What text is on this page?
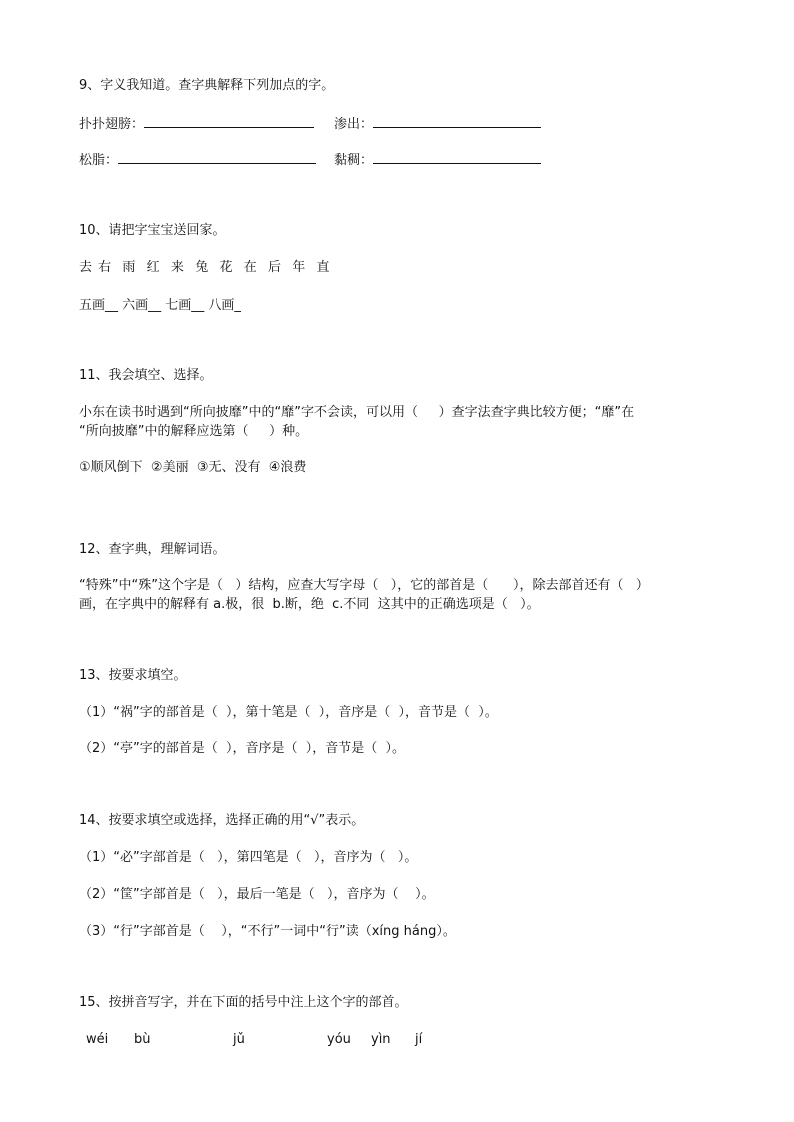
9、字义我知道。查字典解释下列加点的字。
扑扑翅膀：	渗出：
松脂：	黏稠：
10、请把字宝宝送回家。
去 右  雨  红  来  兔  花  在  后  年  直
五画__ 六画__ 七画__ 八画_
11、我会填空、选择。
小东在读书时遇到“所向披靡”中的“靡”字不会读，可以用（     ）查字法查字典比较方便；“靡”在
“所向披靡”中的解释应选第（     ）种。
①顺风倒下  ②美丽  ③无、没有  ④浪费
12、查字典，理解词语。
“特殊”中“殊”这个字是（   ）结构，应查大写字母（   ），它的部首是（      ），除去部首还有（   ）
画，在字典中的解释有 a.极，很  b.断，绝  c.不同  这其中的正确选项是（   ）。
13、按要求填空。
（1）“祸”字的部首是（  ），第十笔是（  ），音序是（  ），音节是（  ）。
（2）“亭”字的部首是（  ），音序是（  ），音节是（  ）。
14、按要求填空或选择，选择正确的用“√”表示。
（1）“必”字部首是（   ），第四笔是（   ），音序为（   ）。
（2）“筐”字部首是（   ），最后一笔是（   ），音序为（    ）。
（3）“行”字部首是（    ），“不行”一词中“行”读（xíng háng）。
15、按拼音写字，并在下面的括号中注上这个字的部首。
wéi bù	jǔ	yóu yìn jí
